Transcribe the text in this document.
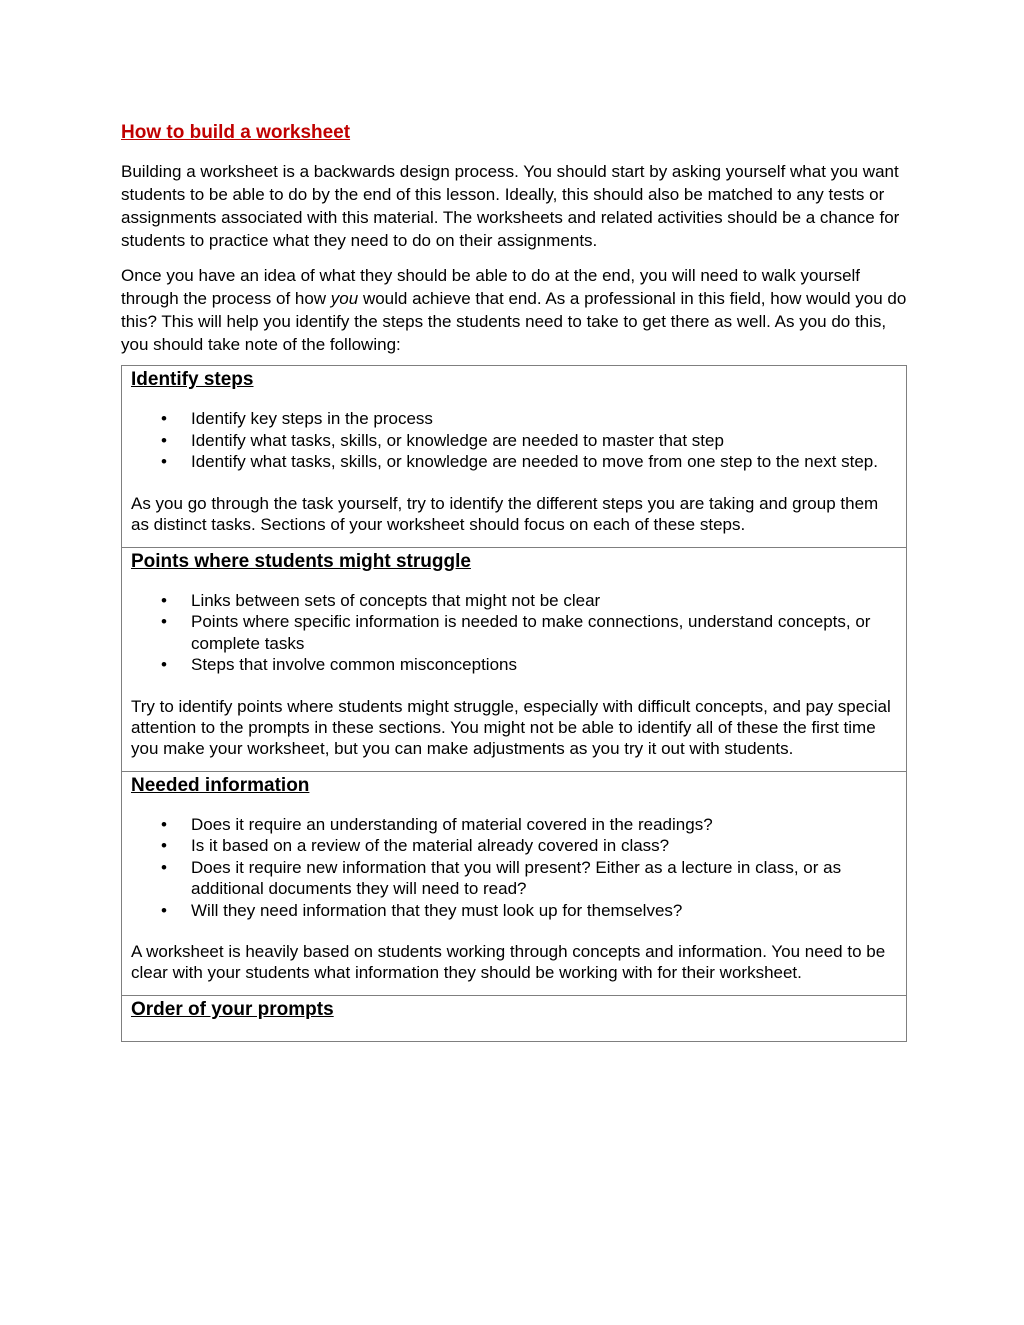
How to build a worksheet

Building a worksheet is a backwards design process. You should start by asking yourself what you want students to be able to do by the end of this lesson. Ideally, this should also be matched to any tests or assignments associated with this material. The worksheets and related activities should be a chance for students to practice what they need to do on their assignments.

Once you have an idea of what they should be able to do at the end, you will need to walk yourself through the process of how you would achieve that end. As a professional in this field, how would you do this? This will help you identify the steps the students need to take to get there as well. As you do this, you should take note of the following:

Identify steps
• Identify key steps in the process
• Identify what tasks, skills, or knowledge are needed to master that step
• Identify what tasks, skills, or knowledge are needed to move from one step to the next step.

As you go through the task yourself, try to identify the different steps you are taking and group them as distinct tasks. Sections of your worksheet should focus on each of these steps.

Points where students might struggle
• Links between sets of concepts that might not be clear
• Points where specific information is needed to make connections, understand concepts, or complete tasks
• Steps that involve common misconceptions

Try to identify points where students might struggle, especially with difficult concepts, and pay special attention to the prompts in these sections. You might not be able to identify all of these the first time you make your worksheet, but you can make adjustments as you try it out with students.

Needed information
• Does it require an understanding of material covered in the readings?
• Is it based on a review of the material already covered in class?
• Does it require new information that you will present? Either as a lecture in class, or as additional documents they will need to read?
• Will they need information that they must look up for themselves?

A worksheet is heavily based on students working through concepts and information. You need to be clear with your students what information they should be working with for their worksheet.

Order of your prompts
